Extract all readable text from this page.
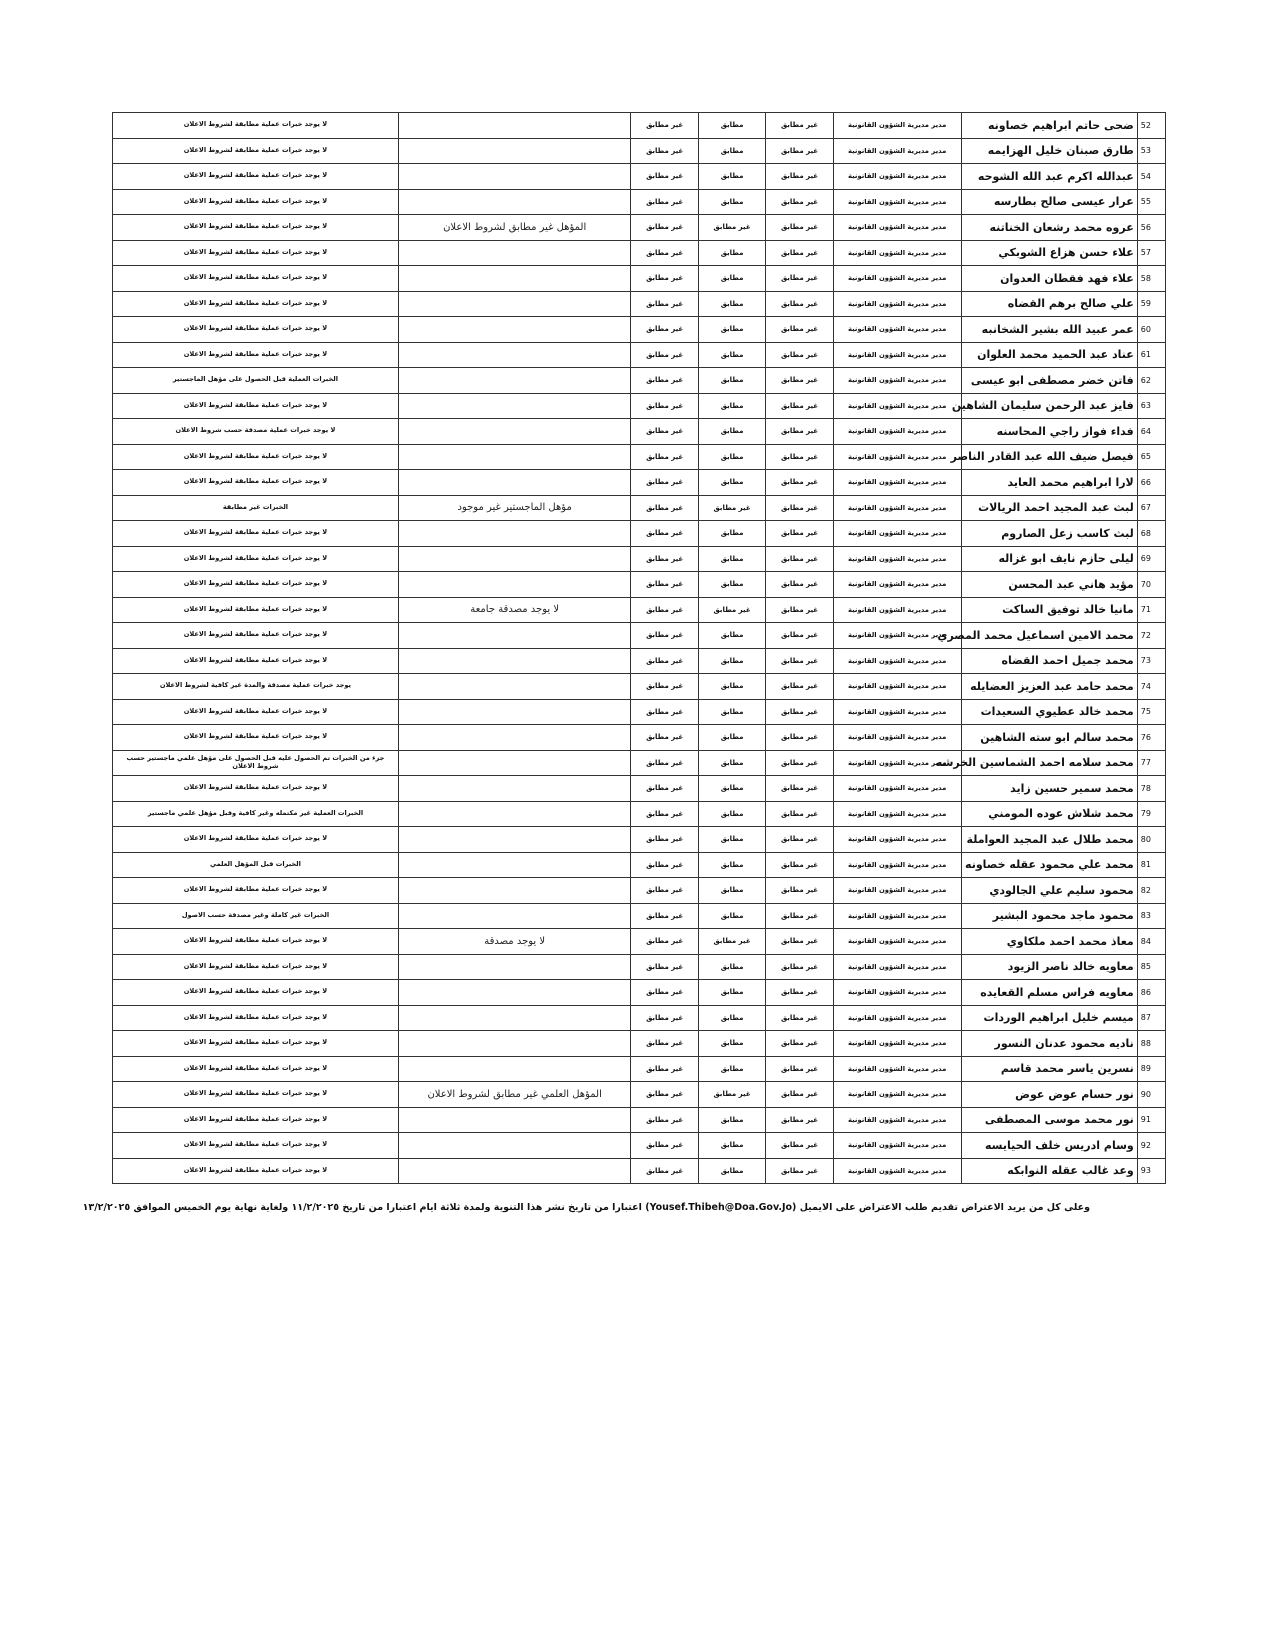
لا يوجد خبرات عملية مطابقة لشروط الاعلان		غير مطابق	مطابق	غير مطابق	مدير مديرية الشؤون القانونية	ضحى حاتم ابراهيم خصاونه	52
لا يوجد خبرات عملية مطابقة لشروط الاعلان		غير مطابق	مطابق	غير مطابق	مدير مديرية الشؤون القانونية	طارق صبنان خليل الهزايمه	53
لا يوجد خبرات عملية مطابقة لشروط الاعلان		غير مطابق	مطابق	غير مطابق	مدير مديرية الشؤون القانونية	عبدالله اكرم عبد الله الشوحه	54
لا يوجد خبرات عملية مطابقة لشروط الاعلان		غير مطابق	مطابق	غير مطابق	مدير مديرية الشؤون القانونية	عرار عيسى صالح بطارسه	55
لا يوجد خبرات عملية مطابقة لشروط الاعلان	المؤهل غير مطابق لشروط الاعلان	غير مطابق	غير مطابق	غير مطابق	مدير مديرية الشؤون القانونية	عروه محمد رشعان الخناتنه	56
لا يوجد خبرات عملية مطابقة لشروط الاعلان		غير مطابق	مطابق	غير مطابق	مدير مديرية الشؤون القانونية	علاء حسن هزاع الشوبكي	57
لا يوجد خبرات عملية مطابقة لشروط الاعلان		غير مطابق	مطابق	غير مطابق	مدير مديرية الشؤون القانونية	علاء فهد فقطان العدوان	58
لا يوجد خبرات عملية مطابقة لشروط الاعلان		غير مطابق	مطابق	غير مطابق	مدير مديرية الشؤون القانونية	علي صالح برهم القضاه	59
لا يوجد خبرات عملية مطابقة لشروط الاعلان		غير مطابق	مطابق	غير مطابق	مدير مديرية الشؤون القانونية	عمر عبيد الله بشير الشخانبه	60
لا يوجد خبرات عملية مطابقة لشروط الاعلان		غير مطابق	مطابق	غير مطابق	مدير مديرية الشؤون القانونية	عناد عبد الحميد محمد العلوان	61
الخبرات العملية قبل الحصول على مؤهل الماجستير		غير مطابق	مطابق	غير مطابق	مدير مديرية الشؤون القانونية	فاتن خضر مصطفى ابو عيسى	62
لا يوجد خبرات عملية مطابقة لشروط الاعلان		غير مطابق	مطابق	غير مطابق	مدير مديرية الشؤون القانونية	فايز عبد الرحمن سليمان الشاهين	63
لا يوجد خبرات عملية مصدقة حسب شروط الاعلان		غير مطابق	مطابق	غير مطابق	مدير مديرية الشؤون القانونية	فداء فواز راجي المحاسنه	64
لا يوجد خبرات عملية مطابقة لشروط الاعلان		غير مطابق	مطابق	غير مطابق	مدير مديرية الشؤون القانونية	فيصل ضيف الله عبد القادر الناصر	65
لا يوجد خبرات عملية مطابقة لشروط الاعلان		غير مطابق	مطابق	غير مطابق	مدير مديرية الشؤون القانونية	لارا ابراهيم محمد العايد	66
الخبرات غير مطابقة	مؤهل الماجستير غير موجود	غير مطابق	غير مطابق	غير مطابق	مدير مديرية الشؤون القانونية	لبث عبد المجيد احمد الريالات	67
لا يوجد خبرات عملية مطابقة لشروط الاعلان		غير مطابق	مطابق	غير مطابق	مدير مديرية الشؤون القانونية	لبث كاسب زعل الصاروم	68
لا يوجد خبرات عملية مطابقة لشروط الاعلان		غير مطابق	مطابق	غير مطابق	مدير مديرية الشؤون القانونية	ليلى حازم نايف ابو غزاله	69
لا يوجد خبرات عملية مطابقة لشروط الاعلان		غير مطابق	مطابق	غير مطابق	مدير مديرية الشؤون القانونية	مؤيد هاني عبد المحسن	70
لا يوجد خبرات عملية مطابقة لشروط الاعلان	لا يوجد مصدقة جامعة	غير مطابق	غير مطابق	غير مطابق	مدير مديرية الشؤون القانونية	مانيا خالد توفيق الساكت	71
لا يوجد خبرات عملية مطابقة لشروط الاعلان		غير مطابق	مطابق	غير مطابق	مدير مديرية الشؤون القانونية	محمد الامين اسماعيل محمد المصري	72
لا يوجد خبرات عملية مطابقة لشروط الاعلان		غير مطابق	مطابق	غير مطابق	مدير مديرية الشؤون القانونية	محمد جميل احمد القضاه	73
يوجد خبرات عملية مصدقة والمدة غير كافية لشروط الاعلان		غير مطابق	مطابق	غير مطابق	مدير مديرية الشؤون القانونية	محمد حامد عبد العزيز العضايله	74
لا يوجد خبرات عملية مطابقة لشروط الاعلان		غير مطابق	مطابق	غير مطابق	مدير مديرية الشؤون القانونية	محمد خالد عطيوي السعيدات	75
لا يوجد خبرات عملية مطابقة لشروط الاعلان		غير مطابق	مطابق	غير مطابق	مدير مديرية الشؤون القانونية	محمد سالم ابو سته الشاهين	76
جزء من الخبرات تم الحصول عليه قبل الحصول على مؤهل علمي ماجستير حسب شروط الاعلان		غير مطابق	مطابق	غير مطابق	مدير مديرية الشؤون القانونية	محمد سلامه احمد الشماسين الخرشه	77
لا يوجد خبرات عملية مطابقة لشروط الاعلان		غير مطابق	مطابق	غير مطابق	مدير مديرية الشؤون القانونية	محمد سمير حسين زايد	78
الخبرات العملية غير مكتمله وغير كافية وقبل مؤهل علمي ماجستير		غير مطابق	مطابق	غير مطابق	مدير مديرية الشؤون القانونية	محمد شلاش عوده المومني	79
لا يوجد خبرات عملية مطابقة لشروط الاعلان		غير مطابق	مطابق	غير مطابق	مدير مديرية الشؤون القانونية	محمد طلال عبد المجيد العواملة	80
الخبرات قبل المؤهل العلمي		غير مطابق	مطابق	غير مطابق	مدير مديرية الشؤون القانونية	محمد علي محمود عقله خصاونه	81
لا يوجد خبرات عملية مطابقة لشروط الاعلان		غير مطابق	مطابق	غير مطابق	مدير مديرية الشؤون القانونية	محمود سليم علي الجالودي	82
الخبرات غير كاملة وغير مصدقة حسب الاصول		غير مطابق	مطابق	غير مطابق	مدير مديرية الشؤون القانونية	محمود ماجد محمود البشير	83
لا يوجد خبرات عملية مطابقة لشروط الاعلان	لا يوجد مصدقة	غير مطابق	غير مطابق	غير مطابق	مدير مديرية الشؤون القانونية	معاذ محمد احمد ملكاوي	84
لا يوجد خبرات عملية مطابقة لشروط الاعلان		غير مطابق	مطابق	غير مطابق	مدير مديرية الشؤون القانونية	معاويه خالد ناصر الزيود	85
لا يوجد خبرات عملية مطابقة لشروط الاعلان		غير مطابق	مطابق	غير مطابق	مدير مديرية الشؤون القانونية	معاويه فراس مسلم القعايده	86
لا يوجد خبرات عملية مطابقة لشروط الاعلان		غير مطابق	مطابق	غير مطابق	مدير مديرية الشؤون القانونية	ميسم خليل ابراهيم الوردات	87
لا يوجد خبرات عملية مطابقة لشروط الاعلان		غير مطابق	مطابق	غير مطابق	مدير مديرية الشؤون القانونية	ناديه محمود عدنان النسور	88
لا يوجد خبرات عملية مطابقة لشروط الاعلان		غير مطابق	مطابق	غير مطابق	مدير مديرية الشؤون القانونية	نسرين ياسر محمد قاسم	89
لا يوجد خبرات عملية مطابقة لشروط الاعلان	المؤهل العلمي غير مطابق لشروط الاعلان	غير مطابق	غير مطابق	غير مطابق	مدير مديرية الشؤون القانونية	نور حسام عوض عوض	90
لا يوجد خبرات عملية مطابقة لشروط الاعلان		غير مطابق	مطابق	غير مطابق	مدير مديرية الشؤون القانونية	نور محمد موسى المصطفى	91
لا يوجد خبرات عملية مطابقة لشروط الاعلان		غير مطابق	مطابق	غير مطابق	مدير مديرية الشؤون القانونية	وسام ادريس خلف الحيايسه	92
لا يوجد خبرات عملية مطابقة لشروط الاعلان		غير مطابق	مطابق	غير مطابق	مدير مديرية الشؤون القانونية	وعد غالب عقله النوابكه	93
وعلى كل من يريد الاعتراض تقديم طلب الاعتراض على الايميل (Yousef.Thibeh@Doa.Gov.Jo) اعتبارا من تاريخ نشر هذا التنوية ولمدة ثلاثة ايام اعتبارا من تاريخ ١١/٢/٢٠٢٥ ولغاية نهاية يوم الخميس الموافق ١٣/٢/٢٠٢٥
